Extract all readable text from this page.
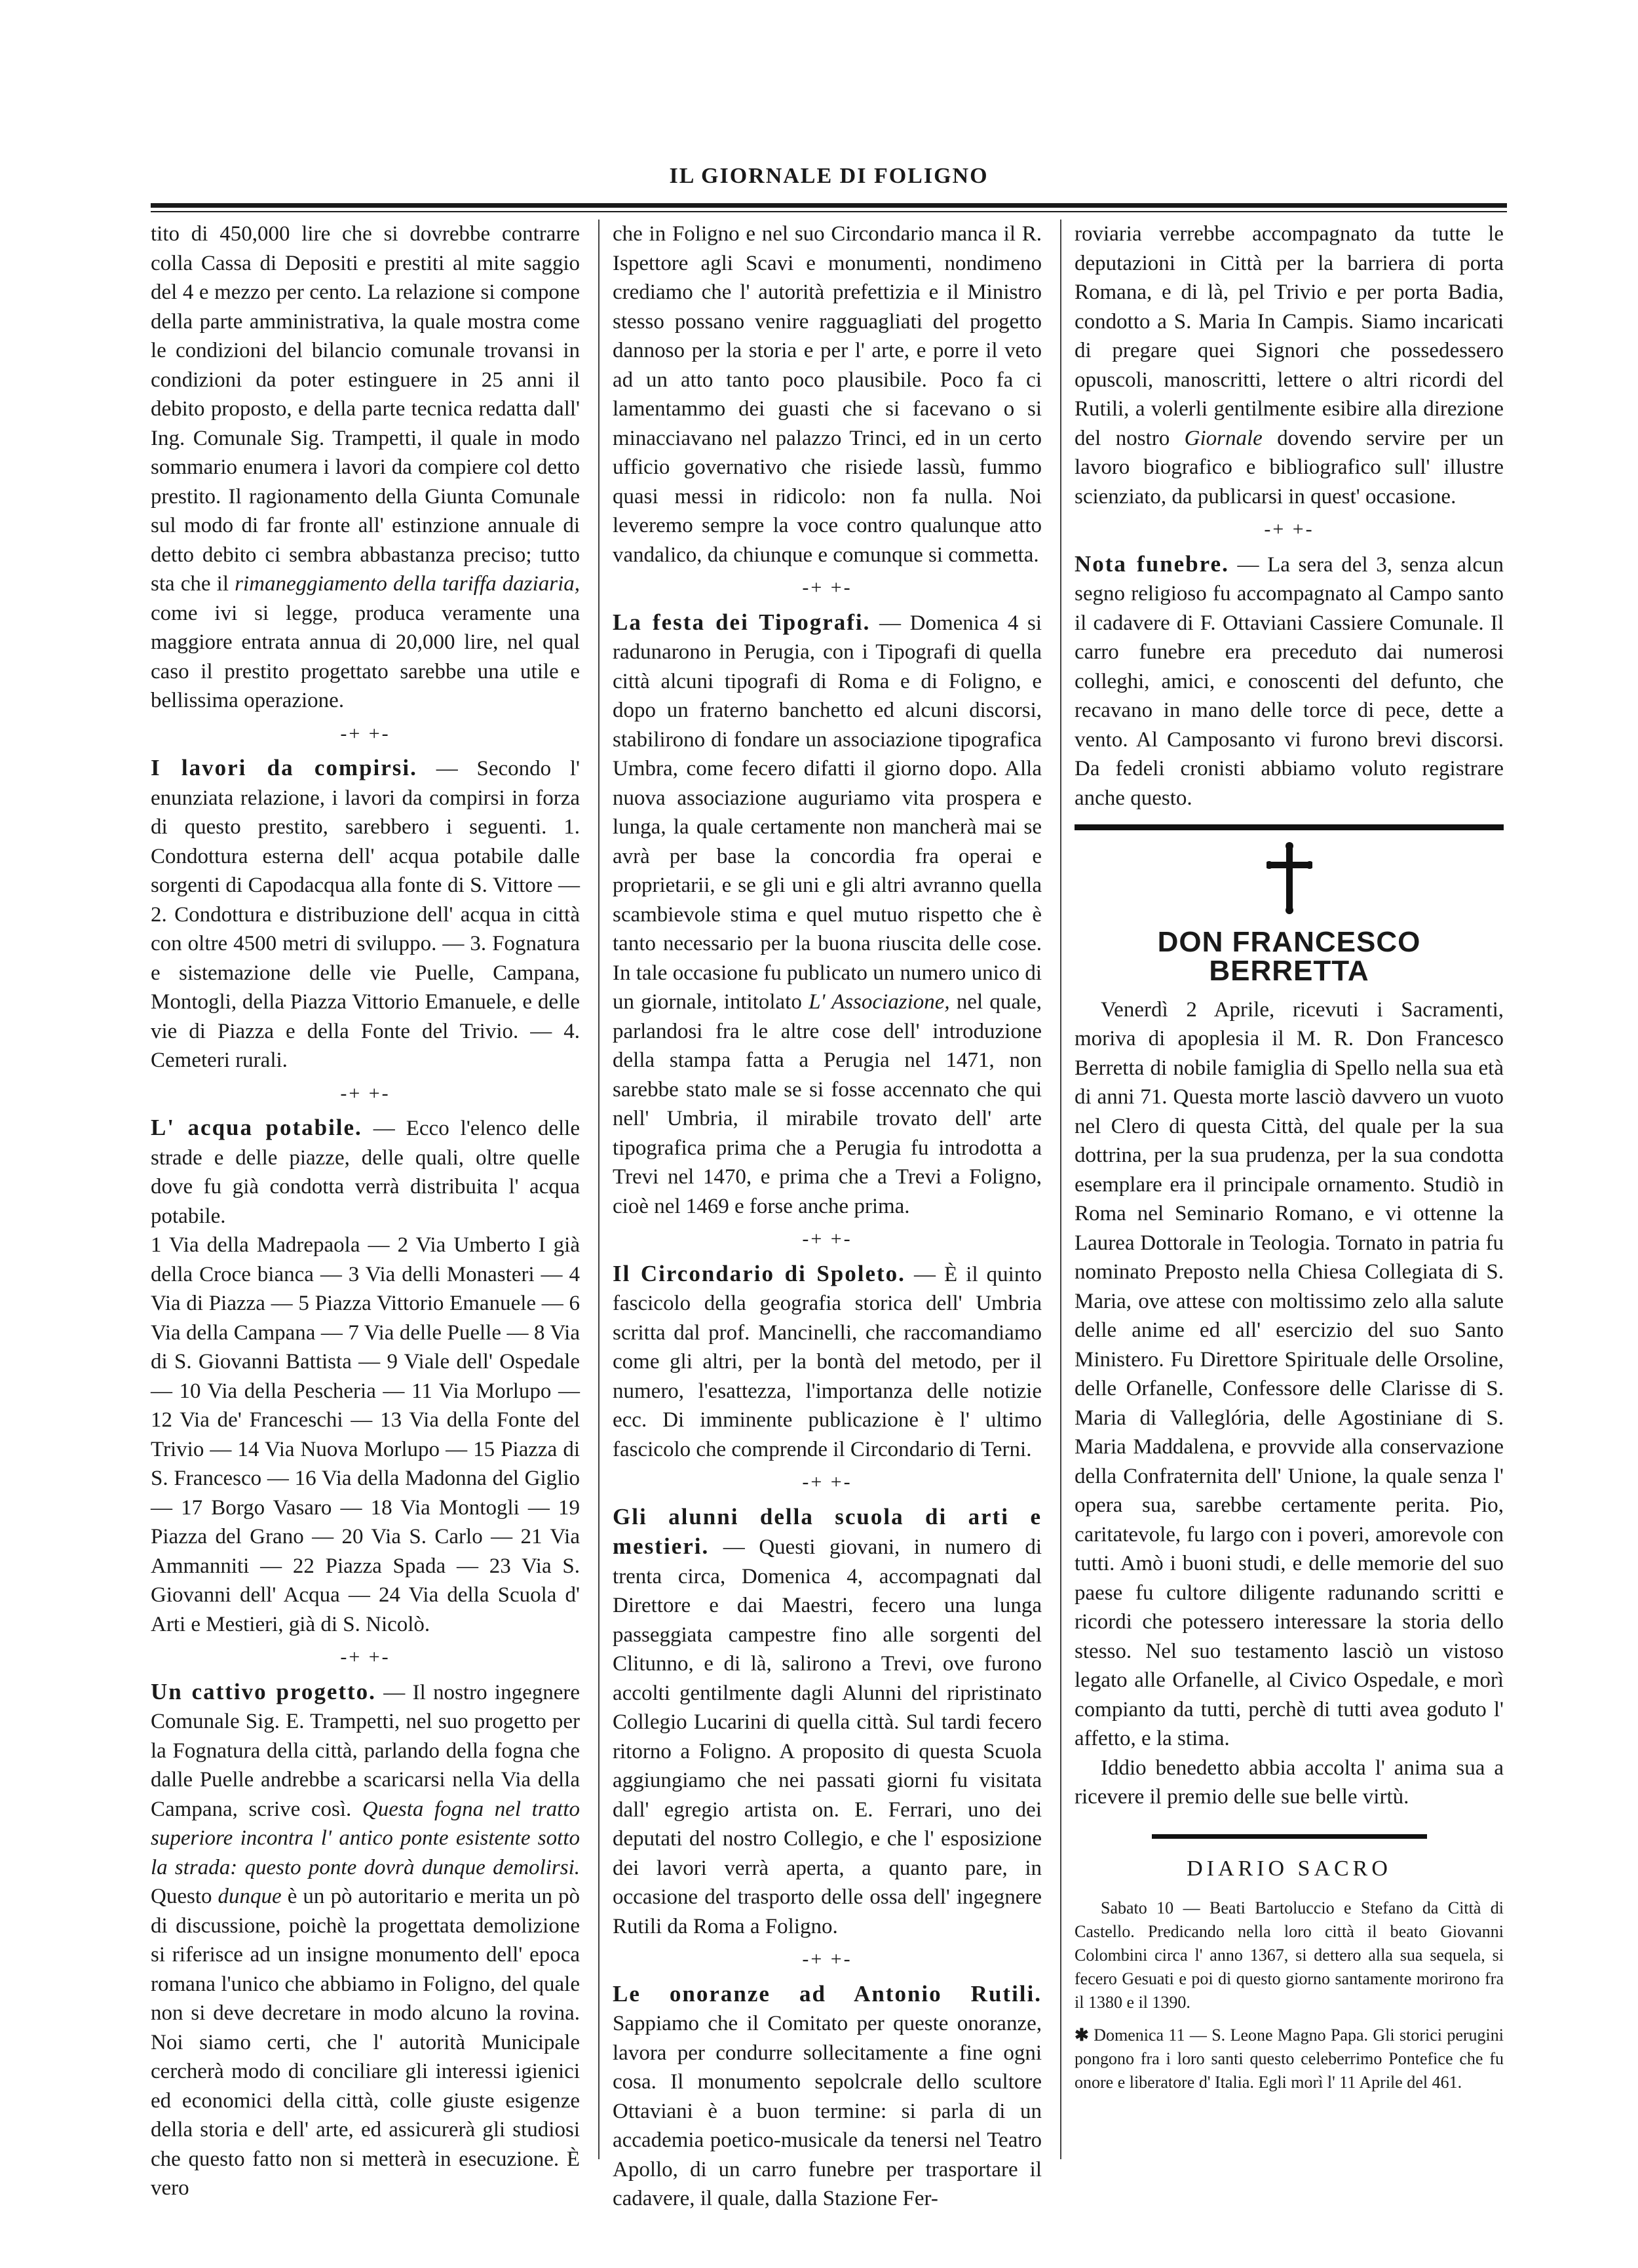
IL GIORNALE DI FOLIGNO

tito di 450,000 lire che si dovrebbe contrarre colla Cassa di Depositi e prestiti al mite saggio del 4 e mezzo per cento. La relazione si compone della parte amministrativa, la quale mostra come le condizioni del bilancio comunale trovansi in condizioni da poter estinguere in 25 anni il debito proposto, e della parte tecnica redatta dall' Ing. Comunale Sig. Trampetti, il quale in modo sommario enumera i lavori da compiere col detto prestito. Il ragionamento della Giunta Comunale sul modo di far fronte all' estinzione annuale di detto debito ci sembra abbastanza preciso; tutto sta che il rimaneggiamento della tariffa daziaria, come ivi si legge, produca veramente una maggiore entrata annua di 20,000 lire, nel qual caso il prestito progettato sarebbe una utile e bellissima operazione.

-+ +-

I lavori da compirsi. — Secondo l' enunziata relazione, i lavori da compirsi in forza di questo prestito, sarebbero i seguenti. 1. Condottura esterna dell' acqua potabile dalle sorgenti di Capodacqua alla fonte di S. Vittore — 2. Condottura e distribuzione dell' acqua in città con oltre 4500 metri di sviluppo. — 3. Fognatura e sistemazione delle vie Puelle, Campana, Montogli, della Piazza Vittorio Emanuele, e delle vie di Piazza e della Fonte del Trivio. — 4. Cemeteri rurali.

-+ +-

L' acqua potabile. — Ecco l'elenco delle strade e delle piazze, delle quali, oltre quelle dove fu già condotta verrà distribuita l' acqua potabile.

1 Via della Madrepaola — 2 Via Umberto I già della Croce bianca — 3 Via delli Monasteri — 4 Via di Piazza — 5 Piazza Vittorio Emanuele — 6 Via della Campana — 7 Via delle Puelle — 8 Via di S. Giovanni Battista — 9 Viale dell' Ospedale — 10 Via della Pescheria — 11 Via Morlupo — 12 Via de' Franceschi — 13 Via della Fonte del Trivio — 14 Via Nuova Morlupo — 15 Piazza di S. Francesco — 16 Via della Madonna del Giglio — 17 Borgo Vasaro — 18 Via Montogli — 19 Piazza del Grano — 20 Via S. Carlo — 21 Via Ammanniti — 22 Piazza Spada — 23 Via S. Giovanni dell' Acqua — 24 Via della Scuola d' Arti e Mestieri, già di S. Nicolò.

-+ +-

Un cattivo progetto. — Il nostro ingegnere Comunale Sig. E. Trampetti, nel suo progetto per la Fognatura della città, parlando della fogna che dalle Puelle andrebbe a scaricarsi nella Via della Campana, scrive così. Questa fogna nel tratto superiore incontra l' antico ponte esistente sotto la strada: questo ponte dovrà dunque demolirsi. Questo dunque è un pò autoritario e merita un pò di discussione, poichè la progettata demolizione si riferisce ad un insigne monumento dell' epoca romana l'unico che abbiamo in Foligno, del quale non si deve decretare in modo alcuno la rovina. Noi siamo certi, che l' autorità Municipale cercherà modo di conciliare gli interessi igienici ed economici della città, colle giuste esigenze della storia e dell' arte, ed assicurerà gli studiosi che questo fatto non si metterà in esecuzione. È vero

che in Foligno e nel suo Circondario manca il R. Ispettore agli Scavi e monumenti, nondimeno crediamo che l' autorità prefettizia e il Ministro stesso possano venire ragguagliati del progetto dannoso per la storia e per l' arte, e porre il veto ad un atto tanto poco plausibile. Poco fa ci lamentammo dei guasti che si facevano o si minacciavano nel palazzo Trinci, ed in un certo ufficio governativo che risiede lassù, fummo quasi messi in ridicolo: non fa nulla. Noi leveremo sempre la voce contro qualunque atto vandalico, da chiunque e comunque si commetta.

-+ +-

La festa dei Tipografi. — Domenica 4 si radunarono in Perugia, con i Tipografi di quella città alcuni tipografi di Roma e di Foligno, e dopo un fraterno banchetto ed alcuni discorsi, stabilirono di fondare un associazione tipografica Umbra, come fecero difatti il giorno dopo. Alla nuova associazione auguriamo vita prospera e lunga, la quale certamente non mancherà mai se avrà per base la concordia fra operai e proprietarii, e se gli uni e gli altri avranno quella scambievole stima e quel mutuo rispetto che è tanto necessario per la buona riuscita delle cose. In tale occasione fu publicato un numero unico di un giornale, intitolato L' Associazione, nel quale, parlandosi fra le altre cose dell' introduzione della stampa fatta a Perugia nel 1471, non sarebbe stato male se si fosse accennato che qui nell' Umbria, il mirabile trovato dell' arte tipografica prima che a Perugia fu introdotta a Trevi nel 1470, e prima che a Trevi a Foligno, cioè nel 1469 e forse anche prima.

-+ +-

Il Circondario di Spoleto. — È il quinto fascicolo della geografia storica dell' Umbria scritta dal prof. Mancinelli, che raccomandiamo come gli altri, per la bontà del metodo, per il numero, l'esattezza, l'importanza delle notizie ecc. Di imminente publicazione è l' ultimo fascicolo che comprende il Circondario di Terni.

-+ +-

Gli alunni della scuola di arti e mestieri. — Questi giovani, in numero di trenta circa, Domenica 4, accompagnati dal Direttore e dai Maestri, fecero una lunga passeggiata campestre fino alle sorgenti del Clitunno, e di là, salirono a Trevi, ove furono accolti gentilmente dagli Alunni del ripristinato Collegio Lucarini di quella città. Sul tardi fecero ritorno a Foligno. A proposito di questa Scuola aggiungiamo che nei passati giorni fu visitata dall' egregio artista on. E. Ferrari, uno dei deputati del nostro Collegio, e che l' esposizione dei lavori verrà aperta, a quanto pare, in occasione del trasporto delle ossa dell' ingegnere Rutili da Roma a Foligno.

-+ +-

Le onoranze ad Antonio Rutili. Sappiamo che il Comitato per queste onoranze, lavora per condurre sollecitamente a fine ogni cosa. Il monumento sepolcrale dello scultore Ottaviani è a buon termine: si parla di un accademia poetico-musicale da tenersi nel Teatro Apollo, di un carro funebre per trasportare il cadavere, il quale, dalla Stazione Fer-

roviaria verrebbe accompagnato da tutte le deputazioni in Città per la barriera di porta Romana, e di là, pel Trivio e per porta Badia, condotto a S. Maria In Campis. Siamo incaricati di pregare quei Signori che possedessero opuscoli, manoscritti, lettere o altri ricordi del Rutili, a volerli gentilmente esibire alla direzione del nostro Giornale dovendo servire per un lavoro biografico e bibliografico sull' illustre scienziato, da publicarsi in quest' occasione.

-+ +-

Nota funebre. — La sera del 3, senza alcun segno religioso fu accompagnato al Campo santo il cadavere di F. Ottaviani Cassiere Comunale. Il carro funebre era preceduto dai numerosi colleghi, amici, e conoscenti del defunto, che recavano in mano delle torce di pece, dette a vento. Al Camposanto vi furono brevi discorsi. Da fedeli cronisti abbiamo voluto registrare anche questo.

DON FRANCESCO BERRETTA

Venerdì 2 Aprile, ricevuti i Sacramenti, moriva di apoplesia il M. R. Don Francesco Berretta di nobile famiglia di Spello nella sua età di anni 71. Questa morte lasciò davvero un vuoto nel Clero di questa Città, del quale per la sua dottrina, per la sua prudenza, per la sua condotta esemplare era il principale ornamento. Studiò in Roma nel Seminario Romano, e vi ottenne la Laurea Dottorale in Teologia. Tornato in patria fu nominato Preposto nella Chiesa Collegiata di S. Maria, ove attese con moltissimo zelo alla salute delle anime ed all' esercizio del suo Santo Ministero. Fu Direttore Spirituale delle Orsoline, delle Orfanelle, Confessore delle Clarisse di S. Maria di Valleglória, delle Agostiniane di S. Maria Maddalena, e provvide alla conservazione della Confraternita dell' Unione, la quale senza l' opera sua, sarebbe certamente perita. Pio, caritatevole, fu largo con i poveri, amorevole con tutti. Amò i buoni studi, e delle memorie del suo paese fu cultore diligente radunando scritti e ricordi che potessero interessare la storia dello stesso. Nel suo testamento lasciò un vistoso legato alle Orfanelle, al Civico Ospedale, e morì compianto da tutti, perchè di tutti avea goduto l' affetto, e la stima.

Iddio benedetto abbia accolta l' anima sua a ricevere il premio delle sue belle virtù.

DIARIO SACRO

Sabato 10 — Beati Bartoluccio e Stefano da Città di Castello. Predicando nella loro città il beato Giovanni Colombini circa l' anno 1367, si dettero alla sua sequela, si fecero Gesuati e poi di questo giorno santamente morirono fra il 1380 e il 1390.

✱ Domenica 11 — S. Leone Magno Papa. Gli storici perugini pongono fra i loro santi questo celeberrimo Pontefice che fu onore e liberatore d' Italia. Egli morì l' 11 Aprile del 461.
